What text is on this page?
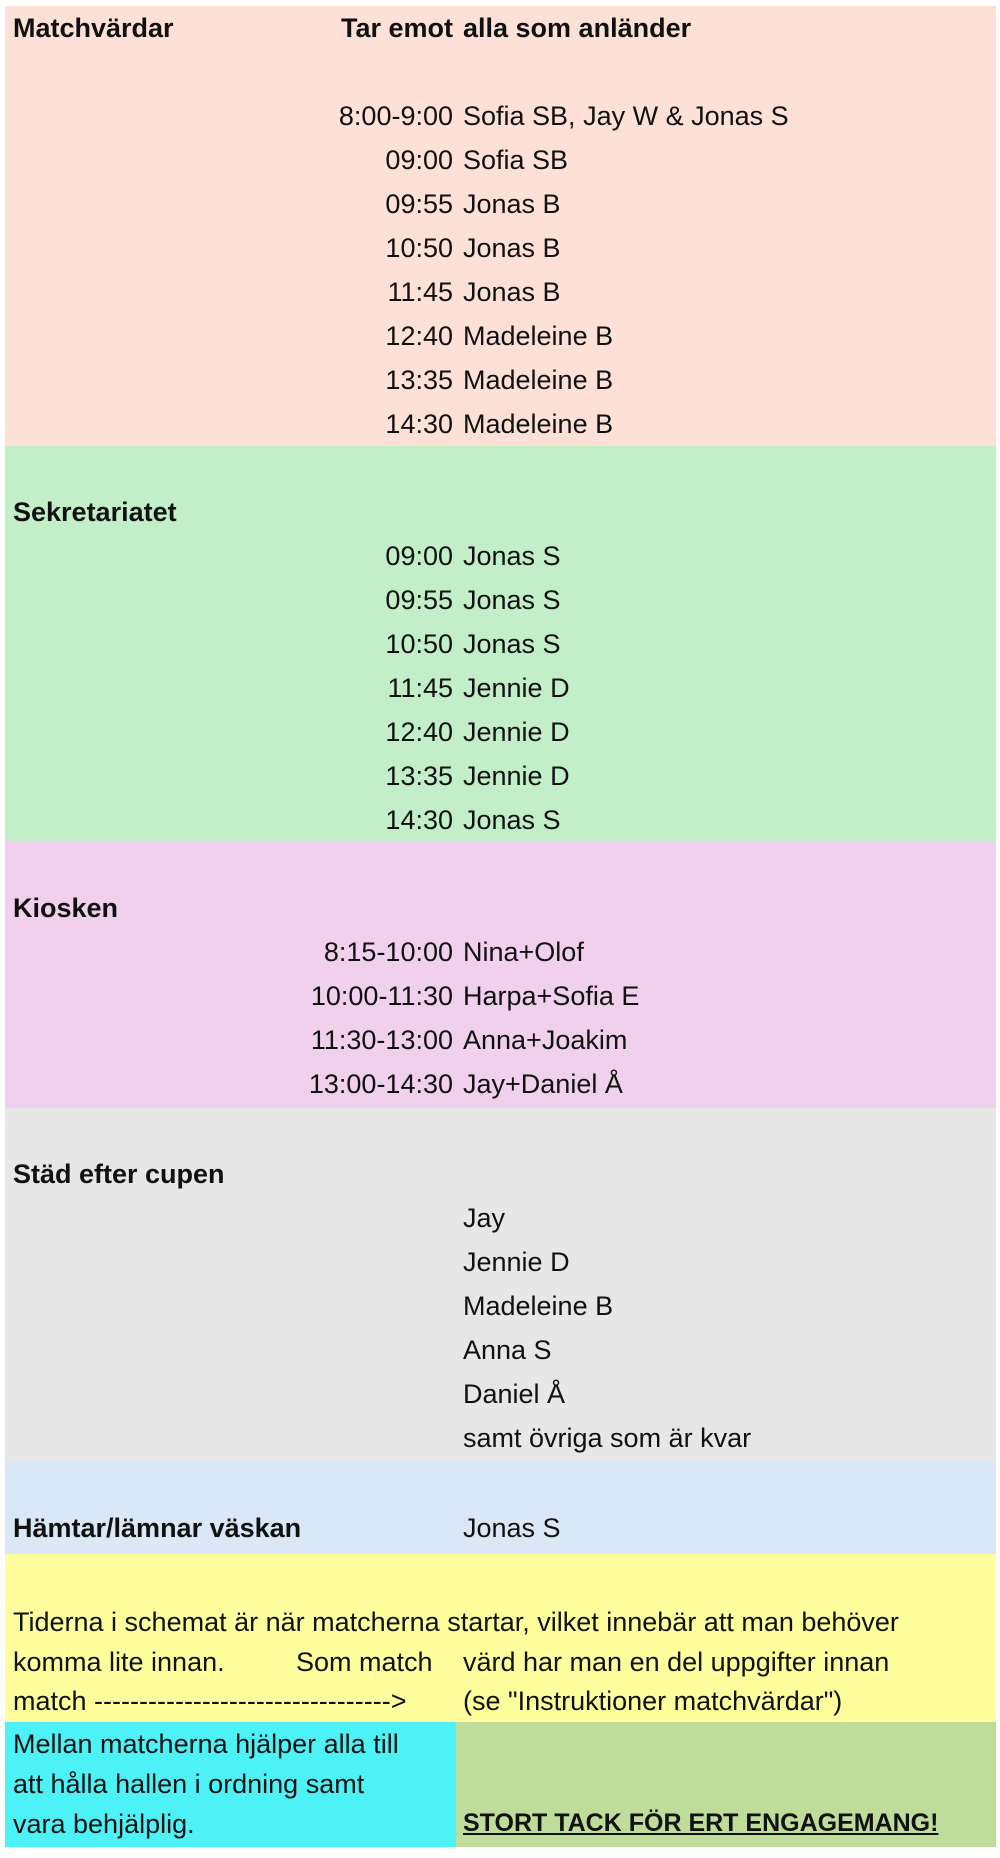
Matchvärdar	Tar emot alla som anländer
8:00-9:00 Sofia SB, Jay W & Jonas S
09:00 Sofia SB
09:55 Jonas B
10:50 Jonas B
11:45 Jonas B
12:40 Madeleine B
13:35 Madeleine B
14:30 Madeleine B
Sekretariatet
09:00 Jonas S
09:55 Jonas S
10:50 Jonas S
11:45 Jennie D
12:40 Jennie D
13:35 Jennie D
14:30 Jonas S
Kiosken
8:15-10:00 Nina+Olof
10:00-11:30 Harpa+Sofia E
11:30-13:00 Anna+Joakim
13:00-14:30 Jay+Daniel Å
Städ efter cupen
Jay
Jennie D
Madeleine B
Anna S
Daniel Å
samt övriga som är kvar
Hämtar/lämnar väskan	Jonas S
Tiderna i schemat är när matcherna startar, vilket innebär att man behöver
komma lite innan.	Som match värd har man en del uppgifter innan
match ---------------------------------> (se "Instruktioner matchvärdar")
Mellan matcherna hjälper alla till
att hålla hallen i ordning samt
vara behjälplig.	STORT TACK FÖR ERT ENGAGEMANG!
